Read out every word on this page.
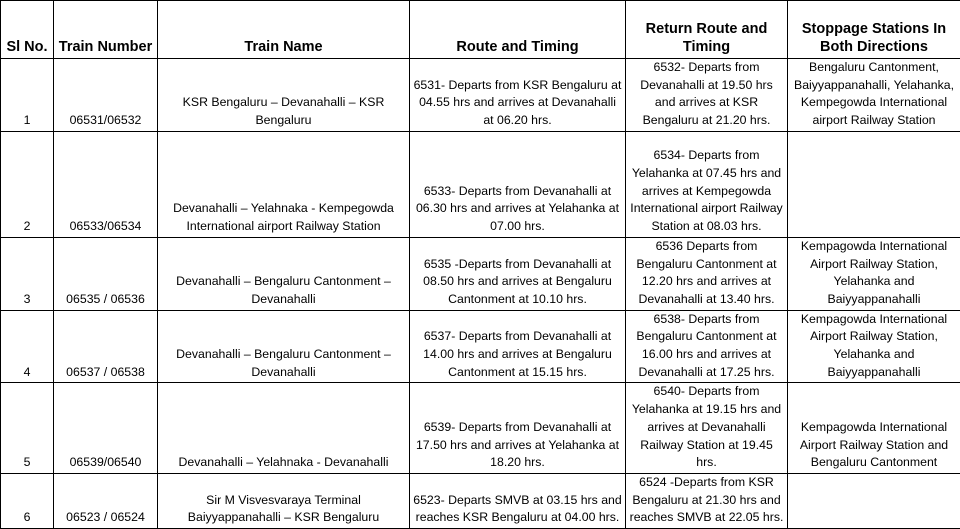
Sl No.	Train Number	Train Name	Route and Timing	Return Route and Timing	Stoppage Stations In Both Directions
1	06531/06532	KSR Bengaluru – Devanahalli – KSR Bengaluru	6531- Departs from KSR Bengaluru at 04.55 hrs and arrives at Devanahalli at 06.20 hrs.	6532- Departs from Devanahalli at 19.50 hrs and arrives at KSR Bengaluru at 21.20 hrs.	Bengaluru Cantonment, Baiyyappanahalli, Yelahanka, Kempegowda International airport Railway Station
2	06533/06534	Devanahalli – Yelahnaka - Kempegowda International airport Railway Station	6533- Departs from Devanahalli at 06.30 hrs and arrives at Yelahanka at 07.00 hrs.	6534- Departs from Yelahanka at 07.45 hrs and arrives at Kempegowda International airport Railway Station at 08.03 hrs.	
3	06535 / 06536	Devanahalli – Bengaluru Cantonment – Devanahalli	6535 -Departs from Devanahalli at 08.50 hrs and arrives at Bengaluru Cantonment at 10.10 hrs.	6536 Departs from Bengaluru Cantonment at 12.20 hrs and arrives at Devanahalli at 13.40 hrs.	Kempagowda International Airport Railway Station, Yelahanka and Baiyyappanahalli
4	06537 / 06538	Devanahalli – Bengaluru Cantonment – Devanahalli	6537- Departs from Devanahalli at 14.00 hrs and arrives at Bengaluru Cantonment at 15.15 hrs.	6538- Departs from Bengaluru Cantonment at 16.00 hrs and arrives at Devanahalli at 17.25 hrs.	Kempagowda International Airport Railway Station, Yelahanka and Baiyyappanahalli
5	06539/06540	Devanahalli – Yelahnaka - Devanahalli	6539- Departs from Devanahalli at 17.50 hrs and arrives at Yelahanka at 18.20 hrs.	6540- Departs from Yelahanka at 19.15 hrs and arrives at Devanahalli Railway Station at 19.45 hrs.	Kempagowda International Airport Railway Station and Bengaluru Cantonment
6	06523 / 06524	Sir M Visvesvaraya Terminal Baiyyappanahalli – KSR Bengaluru	6523- Departs SMVB at 03.15 hrs and reaches KSR Bengaluru at 04.00 hrs.	6524 -Departs from KSR Bengaluru at 21.30 hrs and reaches SMVB at 22.05 hrs.	
